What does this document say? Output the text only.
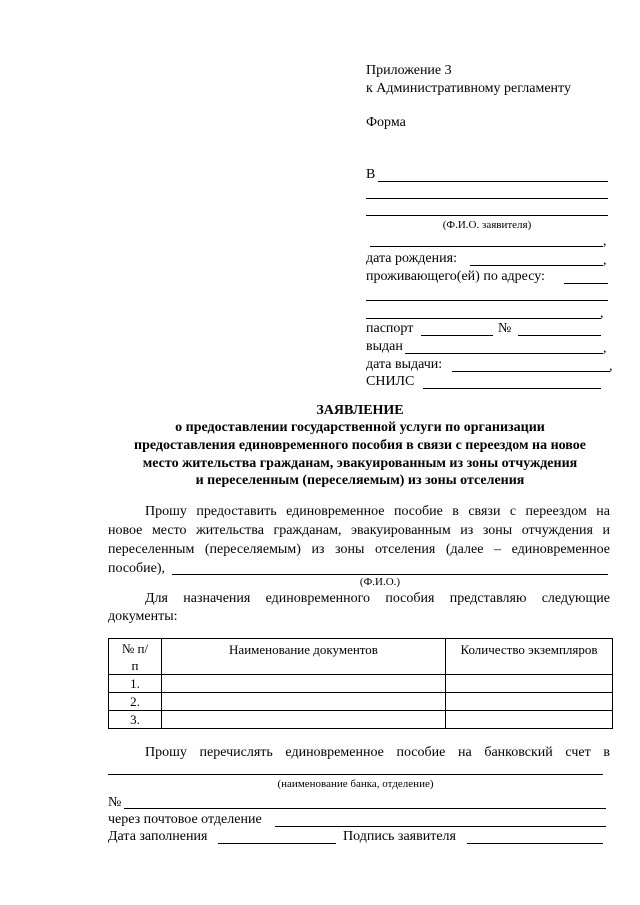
Приложение 3
к Административному регламенту
Форма
В
(Ф.И.О. заявителя)
,
дата рождения:	,
проживающего(ей) по адресу:
,
паспорт	№
выдан	,
дата выдачи:	,
СНИЛС
ЗАЯВЛЕНИЕ
о предоставлении государственной услуги по организации
предоставления единовременного пособия в связи с переездом на новое
место жительства гражданам, эвакуированным из зоны отчуждения
и переселенным (переселяемым) из зоны отселения
Прошу предоставить единовременное пособие в связи с переездом на
новое место жительства гражданам, эвакуированным из зоны отчуждения и
переселенным (переселяемым) из зоны отселения (далее – единовременное
пособие),
(Ф.И.О.)
Для назначения единовременного пособия представляю следующие
документы:
№ п/п	Наименование документов	Количество экземпляров
1.		
2.		
3.		
Прошу перечислять единовременное пособие на банковский счет в
(наименование банка, отделение)
№
через почтовое отделение
Дата заполнения	Подпись заявителя
